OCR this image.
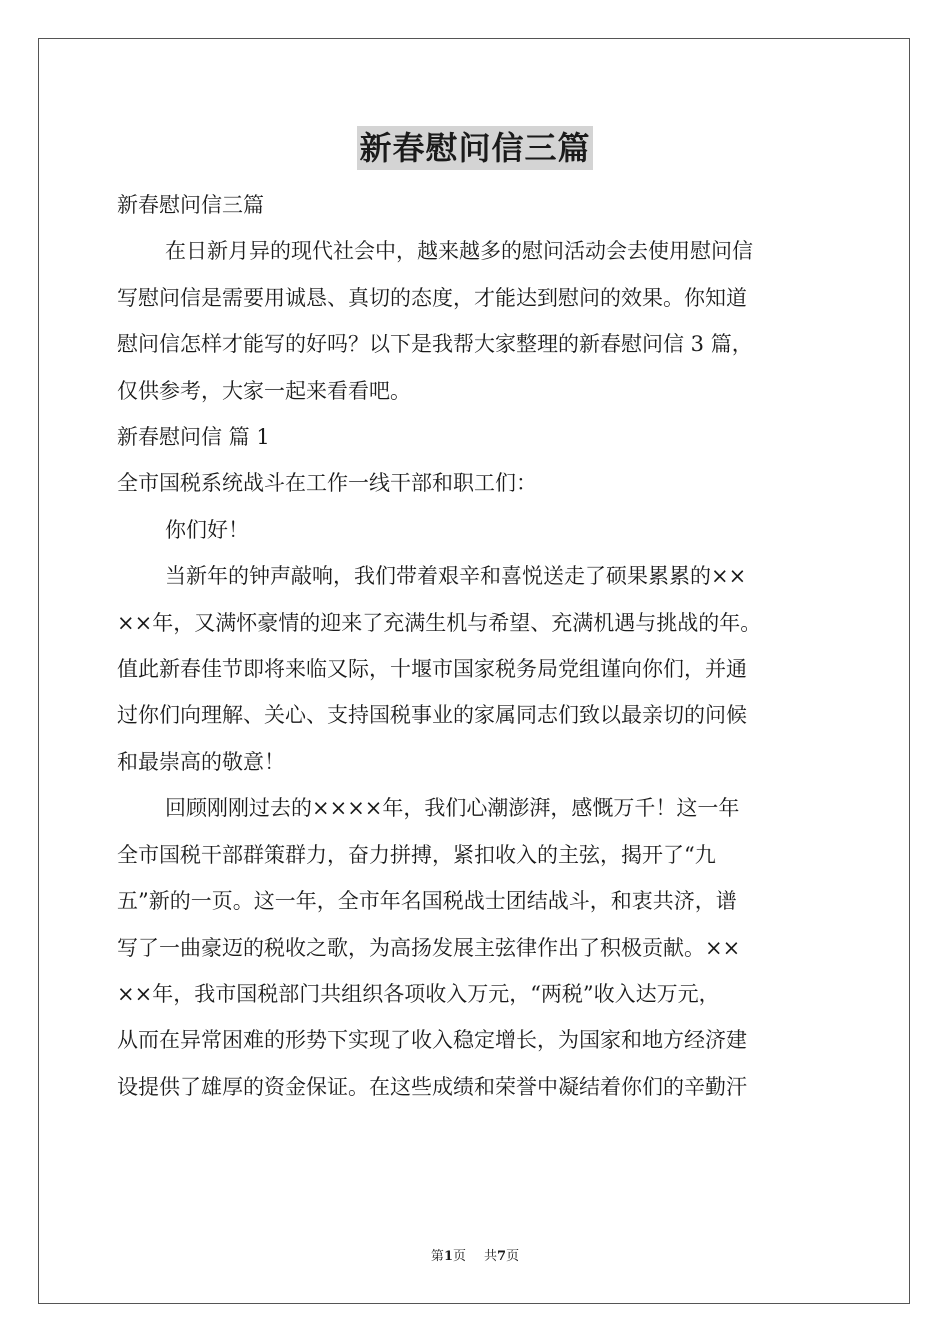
新春慰问信三篇

新春慰问信三篇

在日新月异的现代社会中，越来越多的慰问活动会去使用慰问信

写慰问信是需要用诚恳、真切的态度，才能达到慰问的效果。你知道

慰问信怎样才能写的好吗？以下是我帮大家整理的新春慰问信 3 篇，

仅供参考，大家一起来看看吧。

新春慰问信 篇 1

全市国税系统战斗在工作一线干部和职工们：

你们好！

当新年的钟声敲响，我们带着艰辛和喜悦送走了硕果累累的××

××年，又满怀豪情的迎来了充满生机与希望、充满机遇与挑战的年。

值此新春佳节即将来临又际，十堰市国家税务局党组谨向你们，并通

过你们向理解、关心、支持国税事业的家属同志们致以最亲切的问候

和最崇高的敬意！

回顾刚刚过去的××××年，我们心潮澎湃，感慨万千！这一年

全市国税干部群策群力，奋力拼搏，紧扣收入的主弦，揭开了“九

五”新的一页。这一年，全市年名国税战士团结战斗，和衷共济，谱

写了一曲豪迈的税收之歌，为高扬发展主弦律作出了积极贡献。××

××年，我市国税部门共组织各项收入万元，“两税”收入达万元，

从而在异常困难的形势下实现了收入稳定增长，为国家和地方经济建

设提供了雄厚的资金保证。在这些成绩和荣誉中凝结着你们的辛勤汗

第1页 共7页
